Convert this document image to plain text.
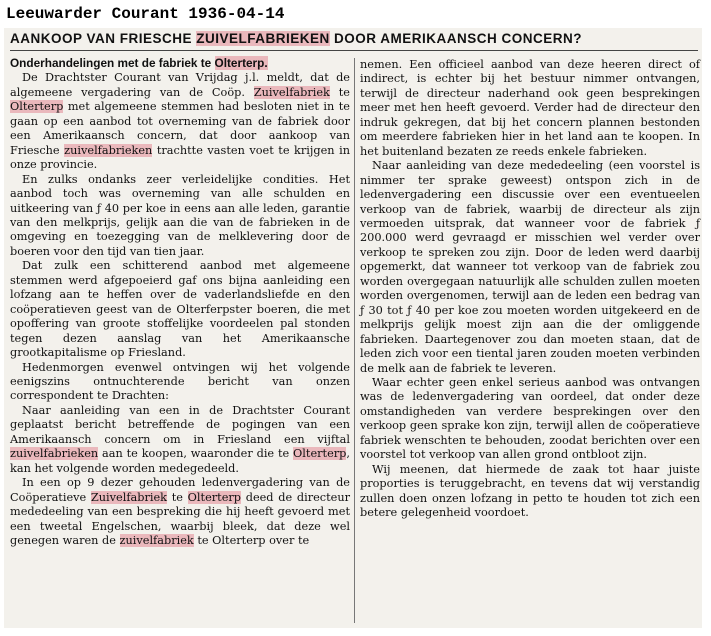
Leeuwarder Courant 1936-04-14
AANKOOP VAN FRIESCHE ZUIVELFABRIEKEN DOOR AMERIKAANSCH CONCERN?

Onderhandelingen met de fabriek te Olterterp.

De Drachtster Courant van Vrijdag j.l. meldt, dat de algemeene vergadering van de Coöp. Zuivelfabriek te Olterterp met algemeene stemmen had besloten niet in te gaan op een aanbod tot overneming van de fabriek door een Amerikaansch concern, dat door aankoop van Friesche zuivelfabrieken trachtte vasten voet te krijgen in onze provincie.

En zulks ondanks zeer verleidelijke condities. Het aanbod toch was overneming van alle schulden en uitkeering van ƒ 40 per koe in eens aan alle leden, garantie van den melkprijs, gelijk aan die van de fabrieken in de omgeving en toezegging van de melklevering door de boeren voor den tijd van tien jaar.

Dat zulk een schitterend aanbod met algemeene stemmen werd afgepoeierd gaf ons bijna aanleiding een lofzang aan te heffen over de vaderlandsliefde en den coöperatieven geest van de Olterferpster boeren, die met opoffering van groote stoffelijke voordeelen pal stonden tegen dezen aanslag van het Amerikaansche grootkapitalisme op Friesland.

Hedenmorgen evenwel ontvingen wij het volgende eenigszins ontnuchterende bericht van onzen correspondent te Drachten:

Naar aanleiding van een in de Drachtster Courant geplaatst bericht betreffende de pogingen van een Amerikaansch concern om in Friesland een vijftal zuivelfabrieken aan te koopen, waaronder die te Olterterp, kan het volgende worden medegedeeld.

In een op 9 dezer gehouden ledenvergadering van de Coöperatieve Zuivelfabriek te Olterterp deed de directeur mededeeling van een bespreking die hij heeft gevoerd met een tweetal Engelschen, waarbij bleek, dat deze wel genegen waren de zuivelfabriek te Olterterp over te

nemen. Een officieel aanbod van deze heeren direct of indirect, is echter bij het bestuur nimmer ontvangen, terwijl de directeur naderhand ook geen besprekingen meer met hen heeft gevoerd. Verder had de directeur den indruk gekregen, dat bij het concern plannen bestonden om meerdere fabrieken hier in het land aan te koopen. In het buitenland bezaten ze reeds enkele fabrieken.

Naar aanleiding van deze mededeeling (een voorstel is nimmer ter sprake geweest) ontspon zich in de ledenvergadering een discussie over een eventueelen verkoop van de fabriek, waarbij de directeur als zijn vermoeden uitsprak, dat wanneer voor de fabriek ƒ 200.000 werd gevraagd er misschien wel verder over verkoop te spreken zou zijn. Door de leden werd daarbij opgemerkt, dat wanneer tot verkoop van de fabriek zou worden overgegaan natuurlijk alle schulden zullen moeten worden overgenomen, terwijl aan de leden een bedrag van ƒ 30 tot ƒ 40 per koe zou moeten worden uitgekeerd en de melkprijs gelijk moest zijn aan die der omliggende fabrieken. Daartegenover zou dan moeten staan, dat de leden zich voor een tiental jaren zouden moeten verbinden de melk aan de fabriek te leveren.

Waar echter geen enkel serieus aanbod was ontvangen was de ledenvergadering van oordeel, dat onder deze omstandigheden van verdere besprekingen over den verkoop geen sprake kon zijn, terwijl allen de coöperatieve fabriek wenschten te behouden, zoodat berichten over een voorstel tot verkoop van allen grond ontbloot zijn.

Wij meenen, dat hiermede de zaak tot haar juiste proporties is teruggebracht, en tevens dat wij verstandig zullen doen onzen lofzang in petto te houden tot zich een betere gelegenheid voordoet.
